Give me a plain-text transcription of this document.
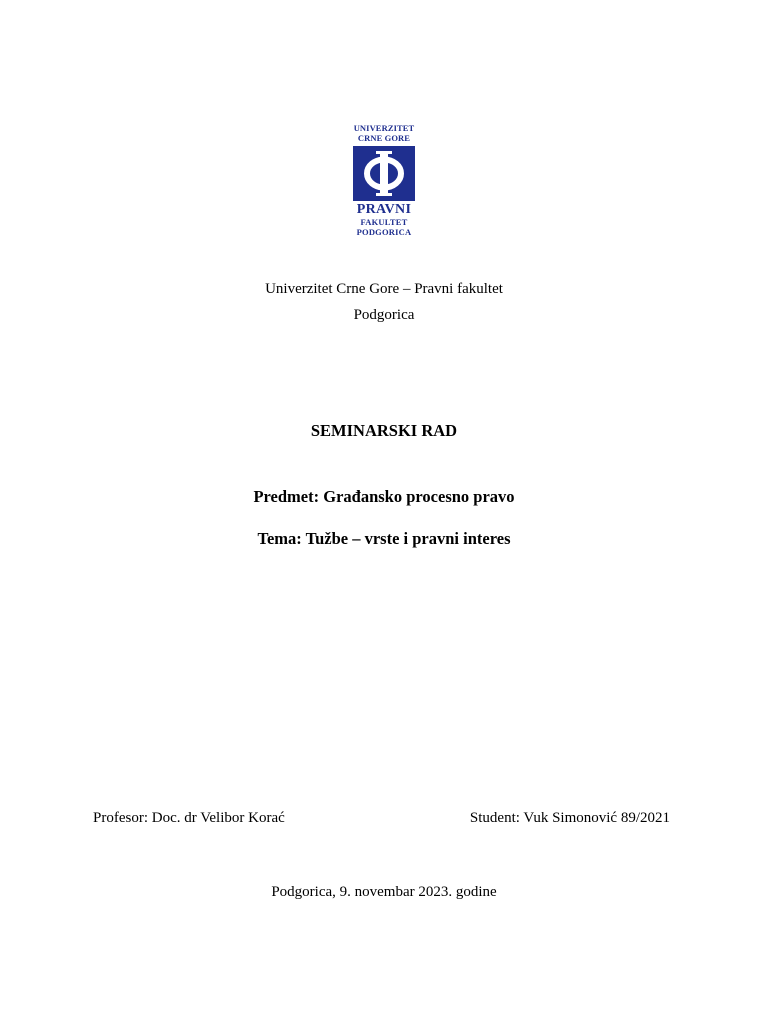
UNIVERZITET
CRNE GORE
PRAVNI
FAKULTET
PODGORICA
Univerzitet Crne Gore – Pravni fakultet
Podgorica
SEMINARSKI RAD
Predmet: Građansko procesno pravo
Tema: Tužbe – vrste i pravni interes
Profesor: Doc. dr Velibor Korać	Student: Vuk Simonović 89/2021
Podgorica, 9. novembar 2023. godine
